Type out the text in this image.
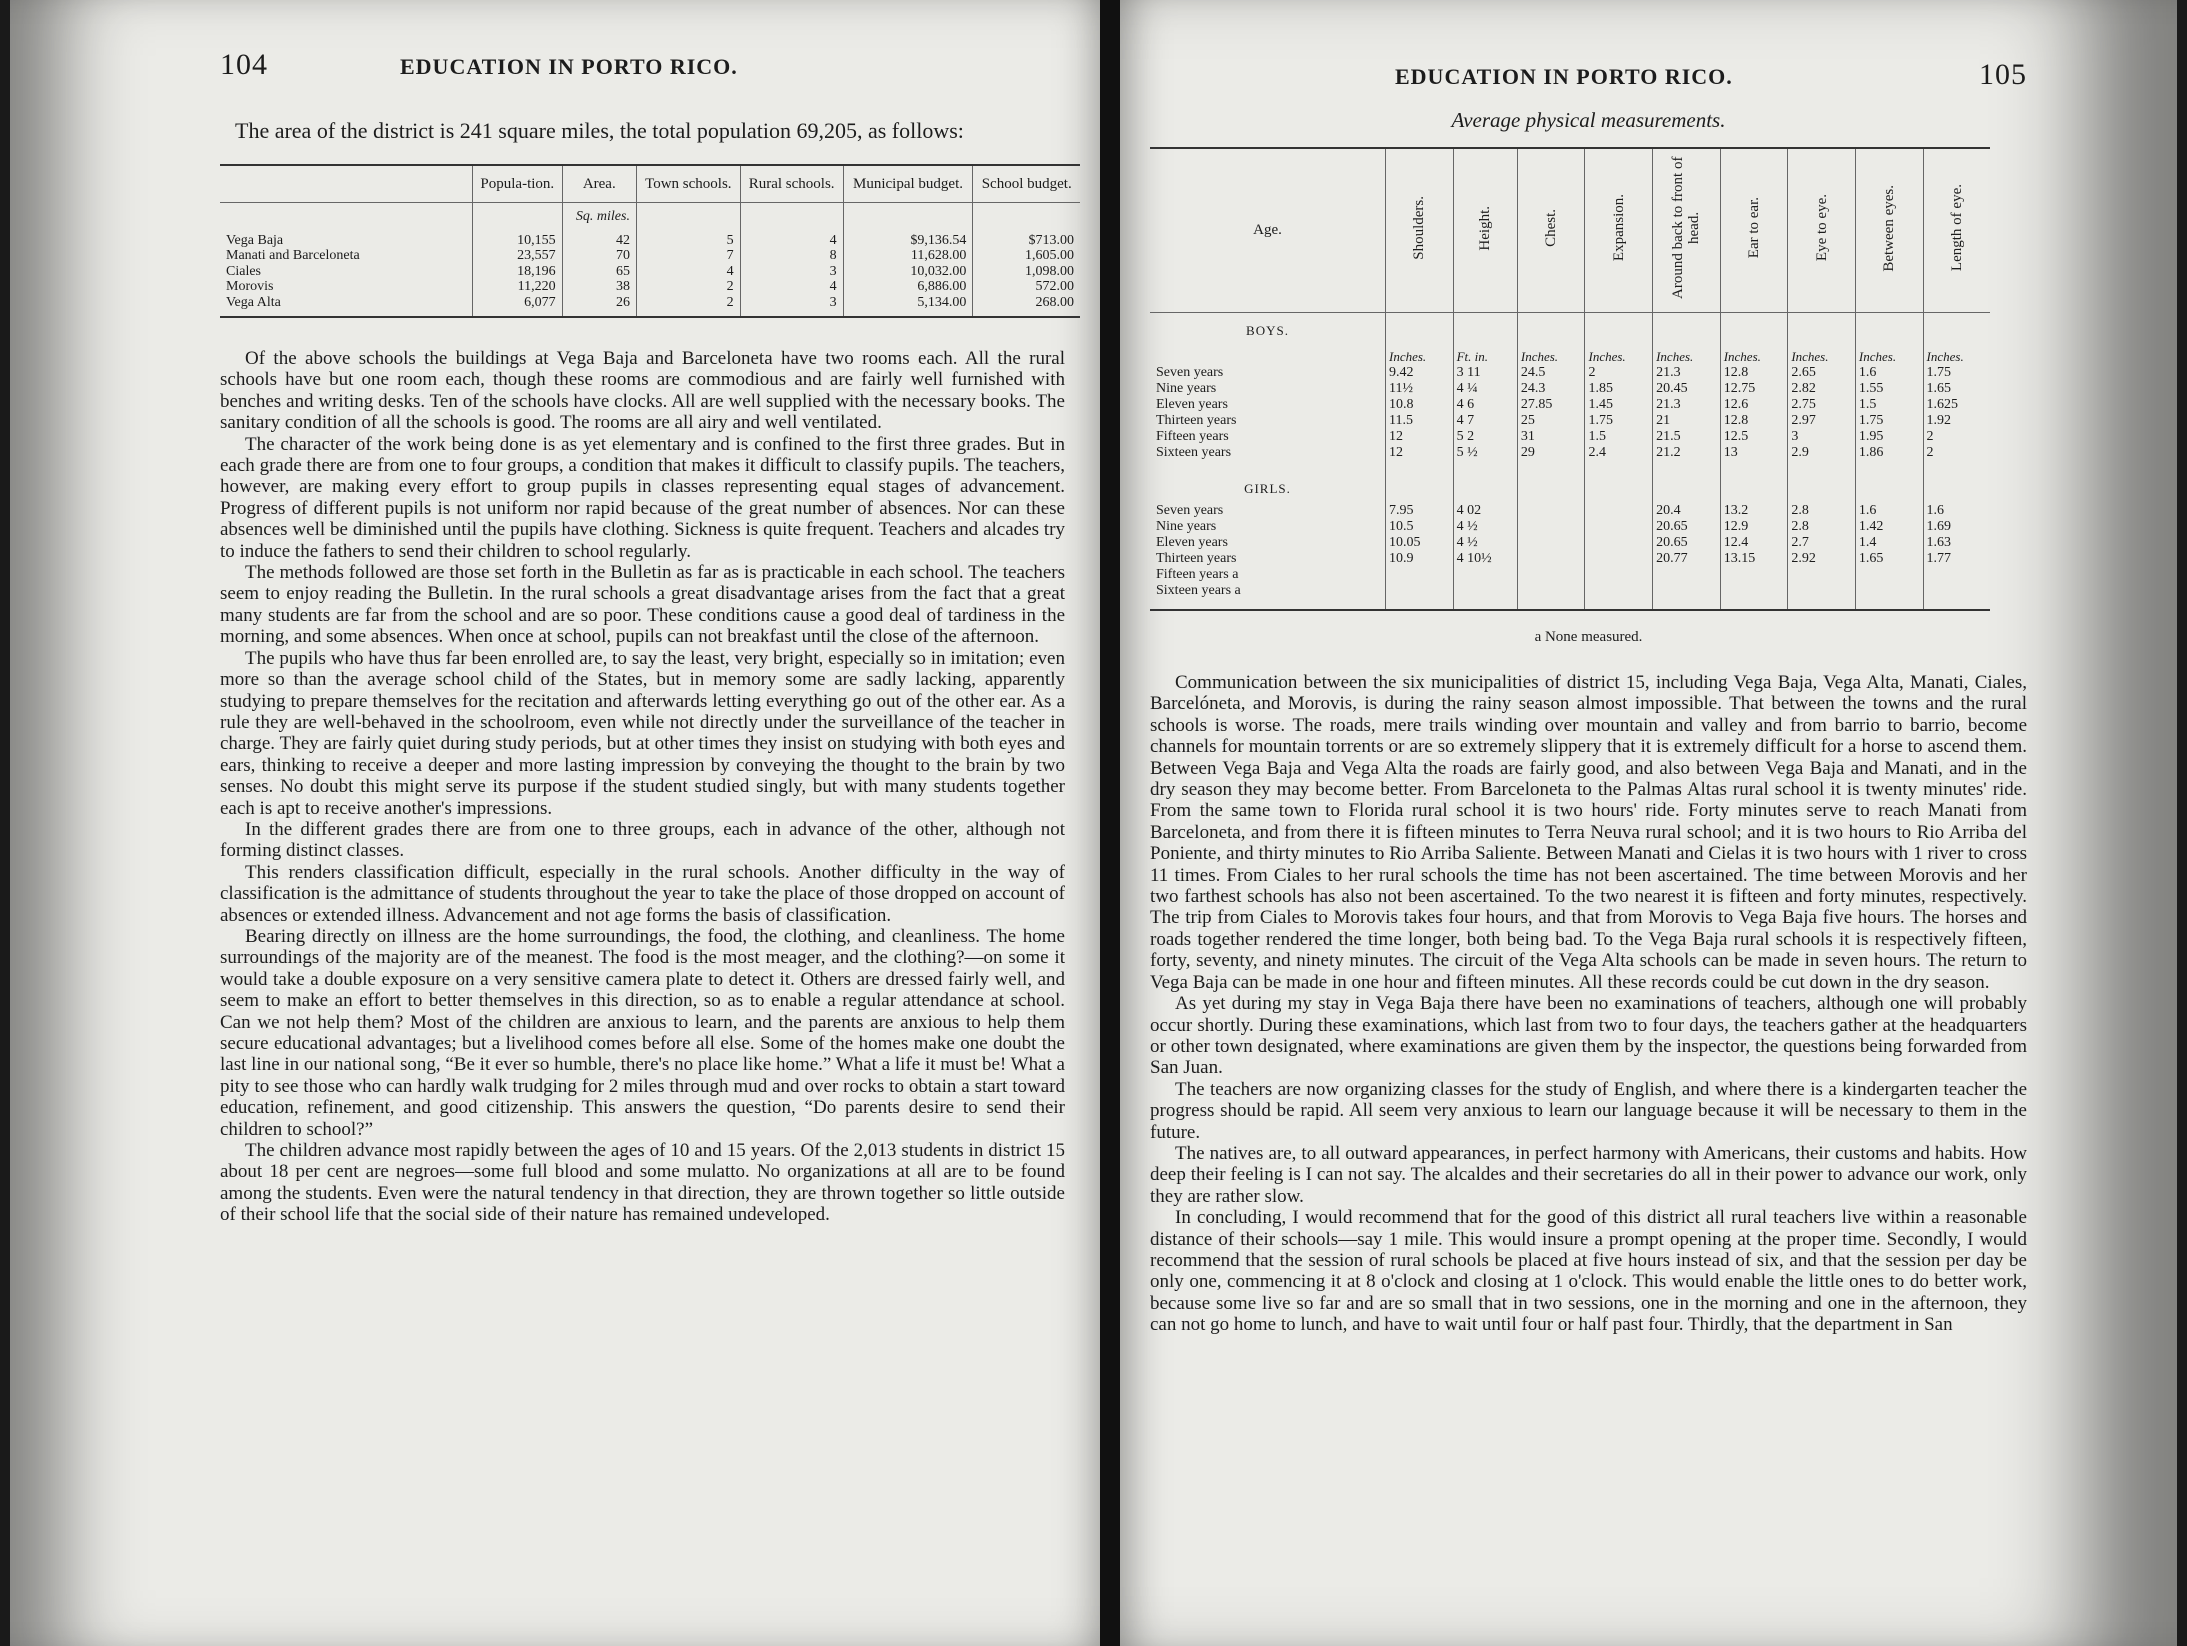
104	EDUCATION IN PORTO RICO.
The area of the district is 241 square miles, the total population 69,205, as follows:
	Popula-tion.	Area.	Town schools.	Rural schools.	Municipal budget.	School budget.
		Sq. miles.				
Vega Baja	10,155	42	5	4	$9,136.54	$713.00
Manati and Barceloneta	23,557	70	7	8	11,628.00	1,605.00
Ciales	18,196	65	4	3	10,032.00	1,098.00
Morovis	11,220	38	2	4	6,886.00	572.00
Vega Alta	6,077	26	2	3	5,134.00	268.00

Of the above schools the buildings at Vega Baja and Barceloneta have two rooms each. All the rural schools have but one room each, though these rooms are commodious and are fairly well furnished with benches and writing desks. Ten of the schools have clocks. All are well supplied with the necessary books. The sanitary condition of all the schools is good. The rooms are all airy and well ventilated.

The character of the work being done is as yet elementary and is confined to the first three grades. But in each grade there are from one to four groups, a condition that makes it difficult to classify pupils. The teachers, however, are making every effort to group pupils in classes representing equal stages of advancement. Progress of different pupils is not uniform nor rapid because of the great number of absences. Nor can these absences well be diminished until the pupils have clothing. Sickness is quite frequent. Teachers and alcades try to induce the fathers to send their children to school regularly.

The methods followed are those set forth in the Bulletin as far as is practicable in each school. The teachers seem to enjoy reading the Bulletin. In the rural schools a great disadvantage arises from the fact that a great many students are far from the school and are so poor. These conditions cause a good deal of tardiness in the morning, and some absences. When once at school, pupils can not breakfast until the close of the afternoon.

The pupils who have thus far been enrolled are, to say the least, very bright, especially so in imitation; even more so than the average school child of the States, but in memory some are sadly lacking, apparently studying to prepare themselves for the recitation and afterwards letting everything go out of the other ear. As a rule they are well-behaved in the schoolroom, even while not directly under the surveillance of the teacher in charge. They are fairly quiet during study periods, but at other times they insist on studying with both eyes and ears, thinking to receive a deeper and more lasting impression by conveying the thought to the brain by two senses. No doubt this might serve its purpose if the student studied singly, but with many students together each is apt to receive another's impressions.

In the different grades there are from one to three groups, each in advance of the other, although not forming distinct classes.

This renders classification difficult, especially in the rural schools. Another difficulty in the way of classification is the admittance of students throughout the year to take the place of those dropped on account of absences or extended illness. Advancement and not age forms the basis of classification.

Bearing directly on illness are the home surroundings, the food, the clothing, and cleanliness. The home surroundings of the majority are of the meanest. The food is the most meager, and the clothing?—on some it would take a double exposure on a very sensitive camera plate to detect it. Others are dressed fairly well, and seem to make an effort to better themselves in this direction, so as to enable a regular attendance at school. Can we not help them? Most of the children are anxious to learn, and the parents are anxious to help them secure educational advantages; but a livelihood comes before all else. Some of the homes make one doubt the last line in our national song, “Be it ever so humble, there's no place like home.” What a life it must be! What a pity to see those who can hardly walk trudging for 2 miles through mud and over rocks to obtain a start toward education, refinement, and good citizenship. This answers the question, “Do parents desire to send their children to school?”

The children advance most rapidly between the ages of 10 and 15 years. Of the 2,013 students in district 15 about 18 per cent are negroes—some full blood and some mulatto. No organizations at all are to be found among the students. Even were the natural tendency in that direction, they are thrown together so little outside of their school life that the social side of their nature has remained undeveloped.

EDUCATION IN PORTO RICO.	105
Average physical measurements.
Age.	Shoulders.	Height.	Chest.	Expansion.	Around back to front of head.	Ear to ear.	Eye to eye.	Between eyes.	Length of eye.
BOYS.									
	Inches.	Ft. in.	Inches.	Inches.	Inches.	Inches.	Inches.	Inches.	Inches.
Seven years	9.42	3 11	24.5	2	21.3	12.8	2.65	1.6	1.75
Nine years	11½	4 ¼	24.3	1.85	20.45	12.75	2.82	1.55	1.65
Eleven years	10.8	4 6	27.85	1.45	21.3	12.6	2.75	1.5	1.625
Thirteen years	11.5	4 7	25	1.75	21	12.8	2.97	1.75	1.92
Fifteen years	12	5 2	31	1.5	21.5	12.5	3	1.95	2
Sixteen years	12	5 ½	29	2.4	21.2	13	2.9	1.86	2

GIRLS.									
Seven years	7.95	4 02			20.4	13.2	2.8	1.6	1.6
Nine years	10.5	4 ½			20.65	12.9	2.8	1.42	1.69
Eleven years	10.05	4 ½			20.65	12.4	2.7	1.4	1.63
Thirteen years	10.9	4 10½			20.77	13.15	2.92	1.65	1.77
Fifteen years a									
Sixteen years a									

a None measured.

Communication between the six municipalities of district 15, including Vega Baja, Vega Alta, Manati, Ciales, Barcelóneta, and Morovis, is during the rainy season almost impossible. That between the towns and the rural schools is worse. The roads, mere trails winding over mountain and valley and from barrio to barrio, become channels for mountain torrents or are so extremely slippery that it is extremely difficult for a horse to ascend them. Between Vega Baja and Vega Alta the roads are fairly good, and also between Vega Baja and Manati, and in the dry season they may become better. From Barceloneta to the Palmas Altas rural school it is twenty minutes' ride. From the same town to Florida rural school it is two hours' ride. Forty minutes serve to reach Manati from Barceloneta, and from there it is fifteen minutes to Terra Neuva rural school; and it is two hours to Rio Arriba del Poniente, and thirty minutes to Rio Arriba Saliente. Between Manati and Cielas it is two hours with 1 river to cross 11 times. From Ciales to her rural schools the time has not been ascertained. The time between Morovis and her two farthest schools has also not been ascertained. To the two nearest it is fifteen and forty minutes, respectively. The trip from Ciales to Morovis takes four hours, and that from Morovis to Vega Baja five hours. The horses and roads together rendered the time longer, both being bad. To the Vega Baja rural schools it is respectively fifteen, forty, seventy, and ninety minutes. The circuit of the Vega Alta schools can be made in seven hours. The return to Vega Baja can be made in one hour and fifteen minutes. All these records could be cut down in the dry season.

As yet during my stay in Vega Baja there have been no examinations of teachers, although one will probably occur shortly. During these examinations, which last from two to four days, the teachers gather at the headquarters or other town designated, where examinations are given them by the inspector, the questions being forwarded from San Juan.

The teachers are now organizing classes for the study of English, and where there is a kindergarten teacher the progress should be rapid. All seem very anxious to learn our language because it will be necessary to them in the future.

The natives are, to all outward appearances, in perfect harmony with Americans, their customs and habits. How deep their feeling is I can not say. The alcaldes and their secretaries do all in their power to advance our work, only they are rather slow.

In concluding, I would recommend that for the good of this district all rural teachers live within a reasonable distance of their schools—say 1 mile. This would insure a prompt opening at the proper time. Secondly, I would recommend that the session of rural schools be placed at five hours instead of six, and that the session per day be only one, commencing it at 8 o'clock and closing at 1 o'clock. This would enable the little ones to do better work, because some live so far and are so small that in two sessions, one in the morning and one in the afternoon, they can not go home to lunch, and have to wait until four or half past four. Thirdly, that the department in San
